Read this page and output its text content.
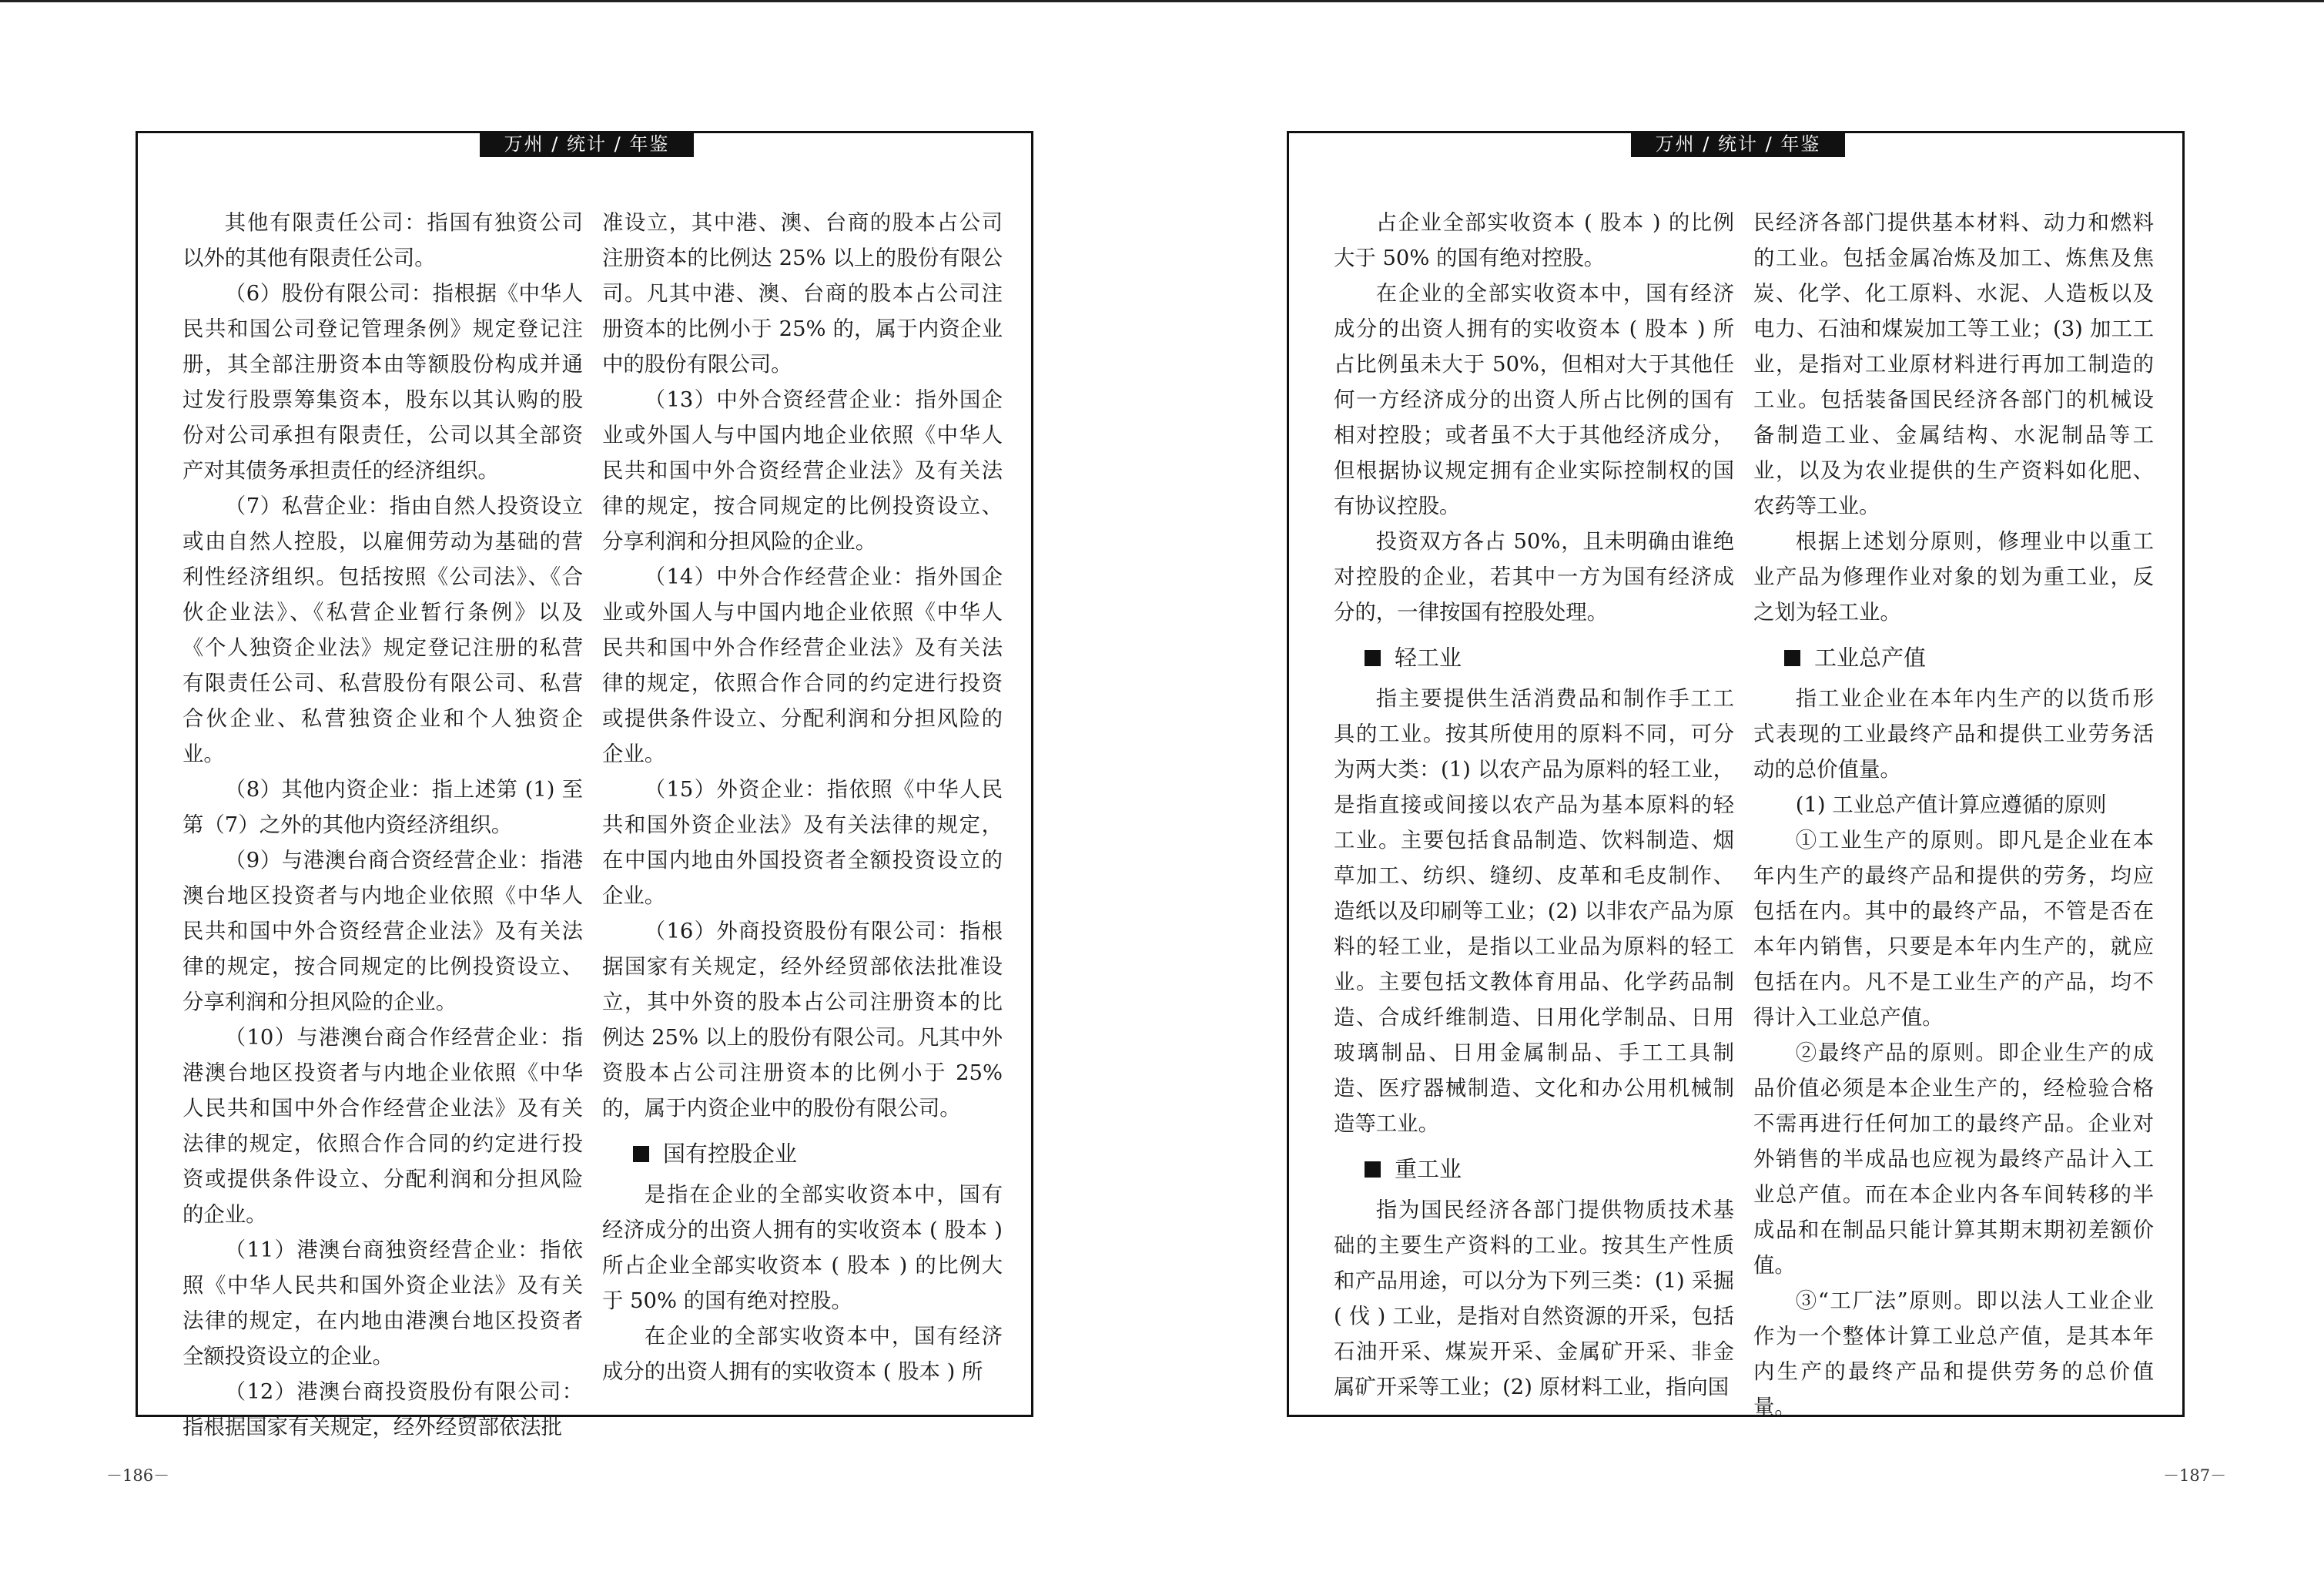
万州 / 统计 / 年鉴

其他有限责任公司：指国有独资公司以外的其他有限责任公司。

（6）股份有限公司：指根据《中华人民共和国公司登记管理条例》规定登记注册，其全部注册资本由等额股份构成并通过发行股票筹集资本，股东以其认购的股份对公司承担有限责任，公司以其全部资产对其债务承担责任的经济组织。

（7）私营企业：指由自然人投资设立或由自然人控股，以雇佣劳动为基础的营利性经济组织。包括按照《公司法》、《合伙企业法》、《私营企业暂行条例》以及《个人独资企业法》规定登记注册的私营有限责任公司、私营股份有限公司、私营合伙企业、私营独资企业和个人独资企业。

（8）其他内资企业：指上述第 (1) 至第（7）之外的其他内资经济组织。

（9）与港澳台商合资经营企业：指港澳台地区投资者与内地企业依照《中华人民共和国中外合资经营企业法》及有关法律的规定，按合同规定的比例投资设立、分享利润和分担风险的企业。

（10）与港澳台商合作经营企业：指港澳台地区投资者与内地企业依照《中华人民共和国中外合作经营企业法》及有关法律的规定，依照合作合同的约定进行投资或提供条件设立、分配利润和分担风险的企业。

（11）港澳台商独资经营企业：指依照《中华人民共和国外资企业法》及有关法律的规定，在内地由港澳台地区投资者全额投资设立的企业。

（12）港澳台商投资股份有限公司：指根据国家有关规定，经外经贸部依法批

准设立，其中港、澳、台商的股本占公司注册资本的比例达 25% 以上的股份有限公司。凡其中港、澳、台商的股本占公司注册资本的比例小于 25% 的，属于内资企业中的股份有限公司。

（13）中外合资经营企业：指外国企业或外国人与中国内地企业依照《中华人民共和国中外合资经营企业法》及有关法律的规定，按合同规定的比例投资设立、分享利润和分担风险的企业。

（14）中外合作经营企业：指外国企业或外国人与中国内地企业依照《中华人民共和国中外合作经营企业法》及有关法律的规定，依照合作合同的约定进行投资或提供条件设立、分配利润和分担风险的企业。

（15）外资企业：指依照《中华人民共和国外资企业法》及有关法律的规定，在中国内地由外国投资者全额投资设立的企业。

（16）外商投资股份有限公司：指根据国家有关规定，经外经贸部依法批准设立，其中外资的股本占公司注册资本的比例达 25% 以上的股份有限公司。凡其中外资股本占公司注册资本的比例小于 25%的，属于内资企业中的股份有限公司。

国有控股企业

是指在企业的全部实收资本中，国有经济成分的出资人拥有的实收资本 ( 股本 ) 所占企业全部实收资本 ( 股本 ) 的比例大于 50% 的国有绝对控股。

在企业的全部实收资本中，国有经济成分的出资人拥有的实收资本 ( 股本 ) 所

－186－
万州 / 统计 / 年鉴

占企业全部实收资本 ( 股本 ) 的比例大于 50% 的国有绝对控股。

在企业的全部实收资本中，国有经济成分的出资人拥有的实收资本 ( 股本 ) 所占比例虽未大于 50%，但相对大于其他任何一方经济成分的出资人所占比例的国有相对控股；或者虽不大于其他经济成分，但根据协议规定拥有企业实际控制权的国有协议控股。

投资双方各占 50%，且未明确由谁绝对控股的企业，若其中一方为国有经济成分的，一律按国有控股处理。

轻工业

指主要提供生活消费品和制作手工工具的工业。按其所使用的原料不同，可分为两大类：(1) 以农产品为原料的轻工业，是指直接或间接以农产品为基本原料的轻工业。主要包括食品制造、饮料制造、烟草加工、纺织、缝纫、皮革和毛皮制作、造纸以及印刷等工业；(2) 以非农产品为原料的轻工业，是指以工业品为原料的轻工业。主要包括文教体育用品、化学药品制造、合成纤维制造、日用化学制品、日用玻璃制品、日用金属制品、手工工具制造、医疗器械制造、文化和办公用机械制造等工业。

重工业

指为国民经济各部门提供物质技术基础的主要生产资料的工业。按其生产性质和产品用途，可以分为下列三类：(1) 采掘 ( 伐 ) 工业，是指对自然资源的开采，包括石油开采、煤炭开采、金属矿开采、非金属矿开采等工业；(2) 原材料工业，指向国

民经济各部门提供基本材料、动力和燃料的工业。包括金属冶炼及加工、炼焦及焦炭、化学、化工原料、水泥、人造板以及电力、石油和煤炭加工等工业；(3) 加工工业，是指对工业原材料进行再加工制造的工业。包括装备国民经济各部门的机械设备制造工业、金属结构、水泥制品等工业，以及为农业提供的生产资料如化肥、农药等工业。

根据上述划分原则，修理业中以重工业产品为修理作业对象的划为重工业，反之划为轻工业。

工业总产值

指工业企业在本年内生产的以货币形式表现的工业最终产品和提供工业劳务活动的总价值量。

(1) 工业总产值计算应遵循的原则

①工业生产的原则。即凡是企业在本年内生产的最终产品和提供的劳务，均应包括在内。其中的最终产品，不管是否在本年内销售，只要是本年内生产的，就应包括在内。凡不是工业生产的产品，均不得计入工业总产值。

②最终产品的原则。即企业生产的成品价值必须是本企业生产的，经检验合格不需再进行任何加工的最终产品。企业对外销售的半成品也应视为最终产品计入工业总产值。而在本企业内各车间转移的半成品和在制品只能计算其期末期初差额价值。

③“工厂法”原则。即以法人工业企业作为一个整体计算工业总产值，是其本年内生产的最终产品和提供劳务的总价值量。

－187－
